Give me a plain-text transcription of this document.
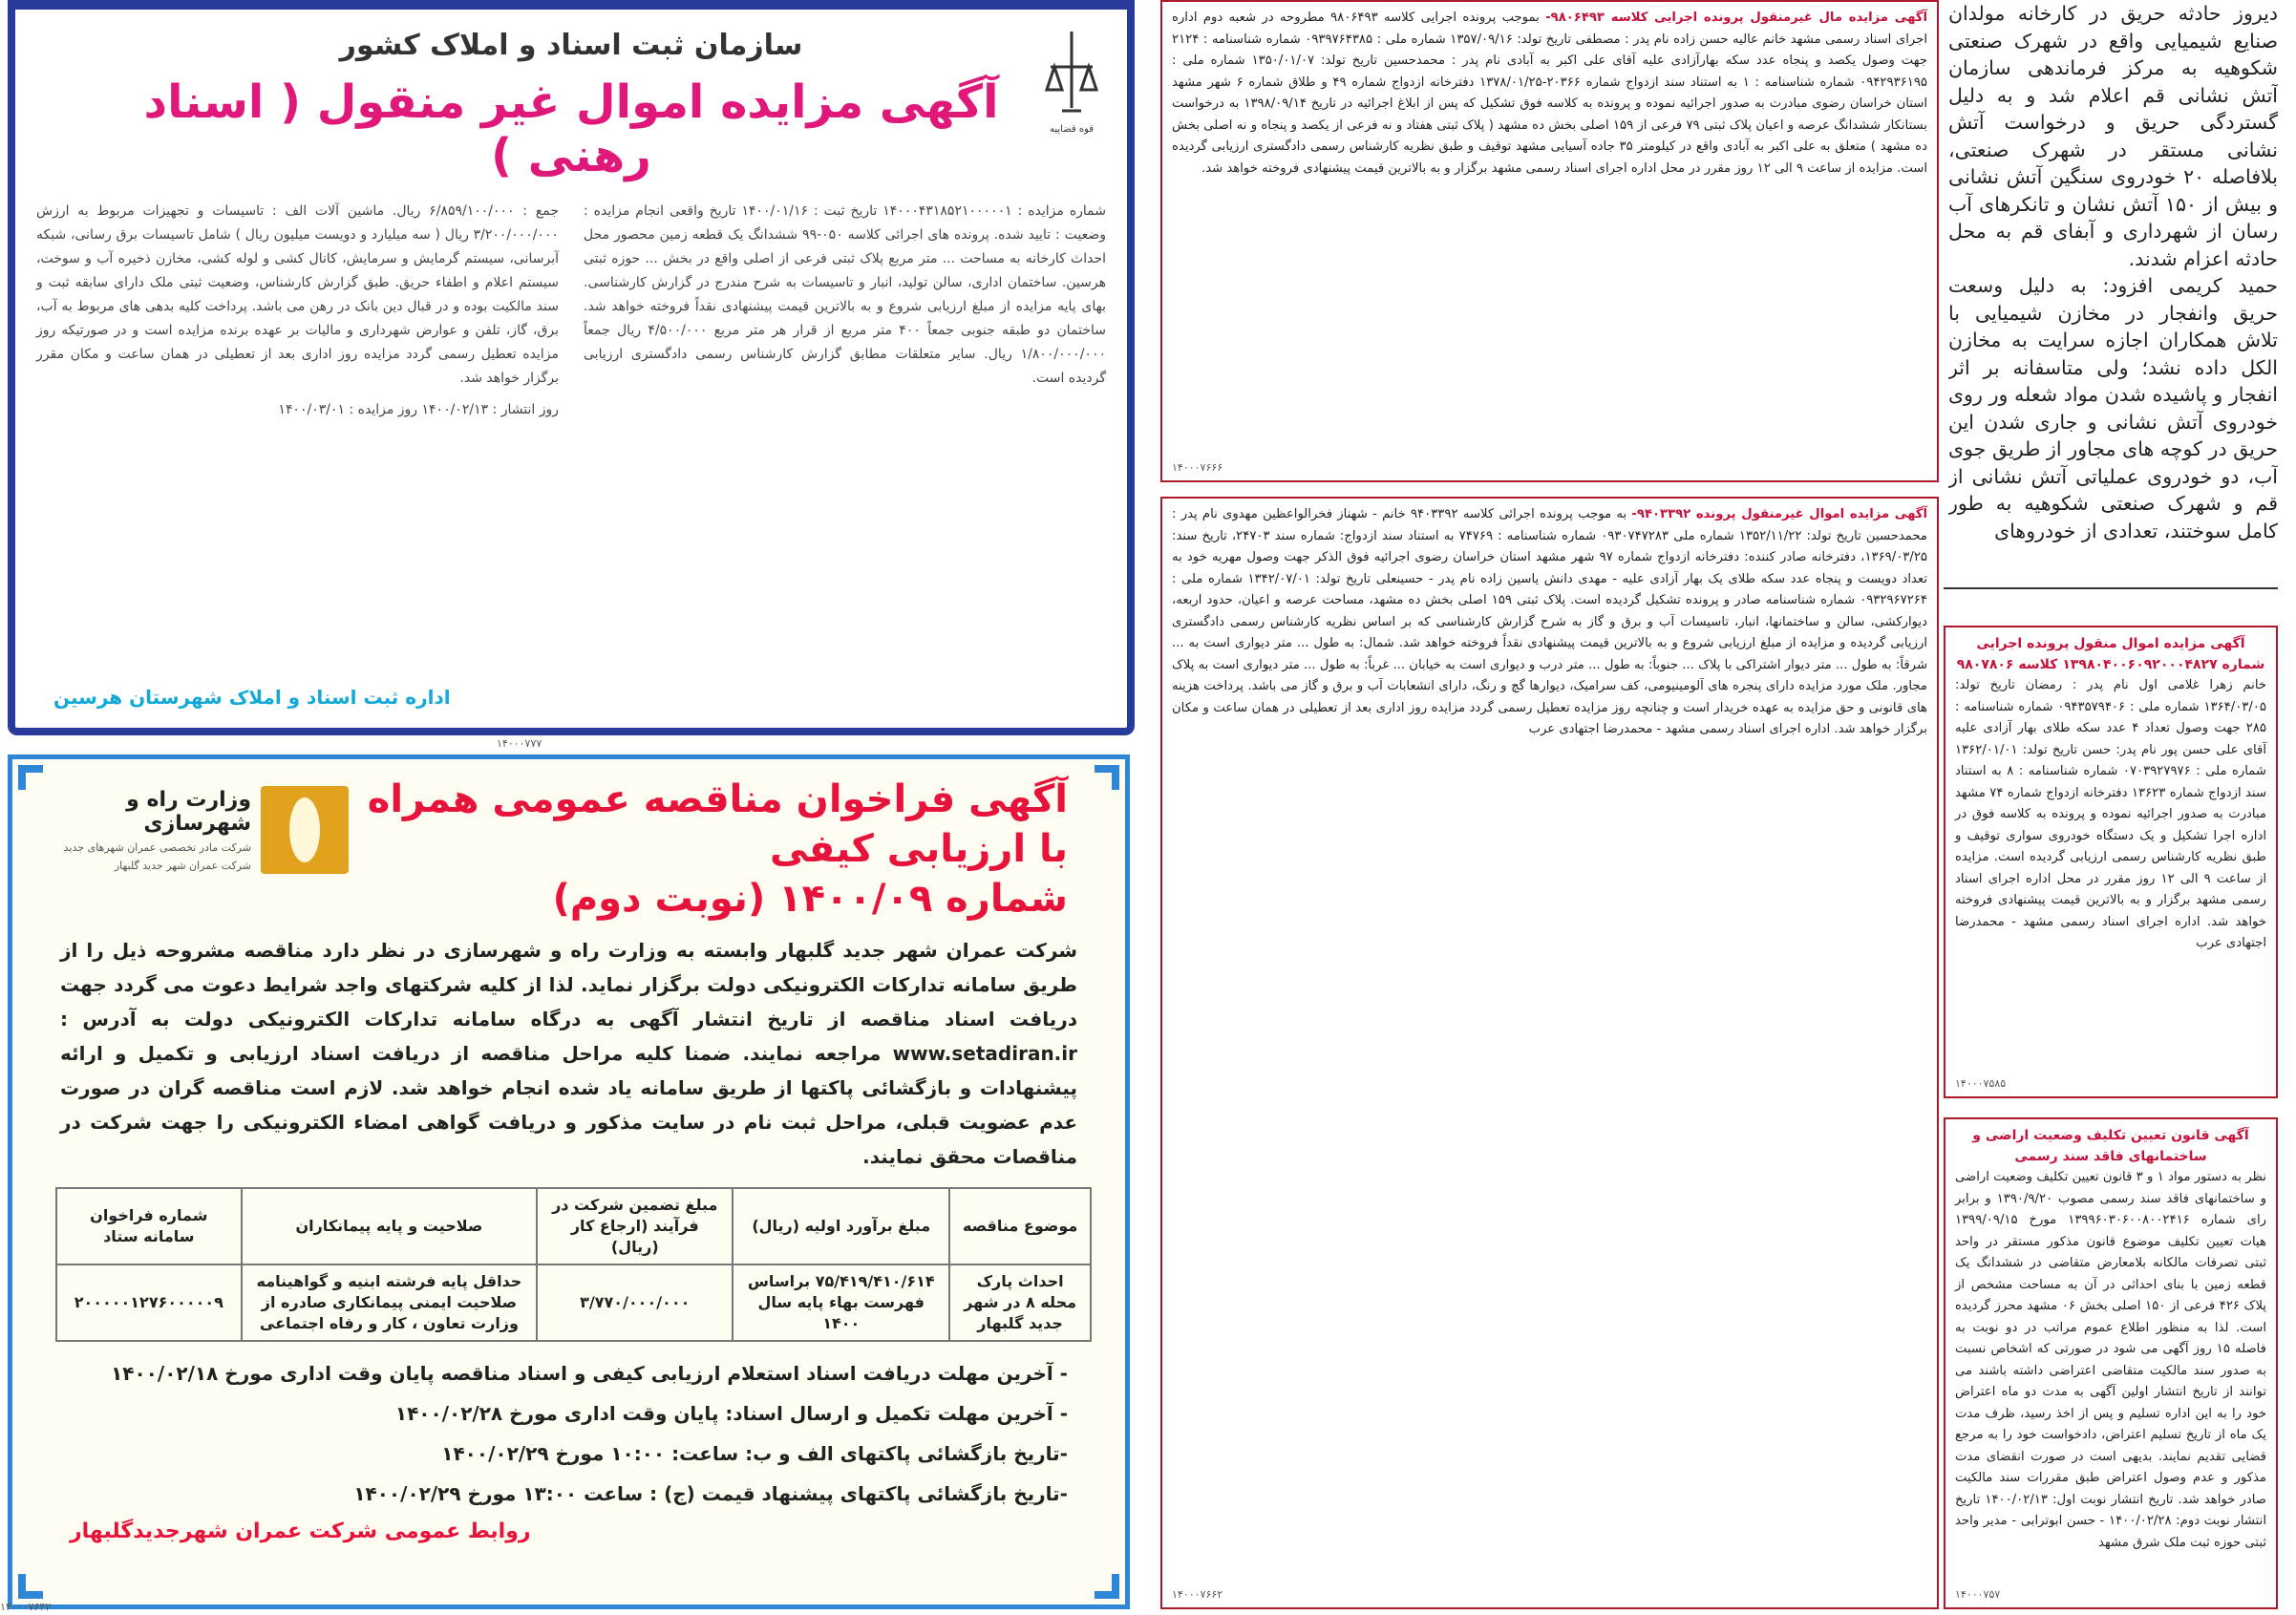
قوه قضاییه
سازمان ثبت اسناد و املاک کشور
آگهی مزایده اموال غیر منقول ( اسناد رهنی )
شماره مزایده : ۱۴۰۰۰۴۳۱۸۵۲۱۰۰۰۰۰۱ تاریخ ثبت : ۱۴۰۰/۰۱/۱۶ تاریخ واقعی انجام مزایده : وضعیت : تایید شده. پرونده های اجرائی کلاسه ۰۵۰-۹۹ ششدانگ یک قطعه زمین محصور محل احداث کارخانه به مساحت ... متر مربع پلاک ثبتی فرعی از اصلی واقع در بخش ... حوزه ثبتی هرسین. ساختمان اداری، سالن تولید، انبار و تاسیسات به شرح مندرج در گزارش کارشناسی. بهای پایه مزایده از مبلغ ارزیابی شروع و به بالاترین قیمت پیشنهادی نقداً فروخته خواهد شد. ساختمان دو طبقه جنوبی جمعاً ۴۰۰ متر مربع از قرار هر متر مربع ۴/۵۰۰/۰۰۰ ریال جمعاً ۱/۸۰۰/۰۰۰/۰۰۰ ریال. سایر متعلقات مطابق گزارش کارشناس رسمی دادگستری ارزیابی گردیده است.
جمع : ۶/۸۵۹/۱۰۰/۰۰۰ ریال. ماشین آلات الف : تاسیسات و تجهیزات مربوط به ارزش ۳/۲۰۰/۰۰۰/۰۰۰ ریال ( سه میلیارد و دویست میلیون ریال ) شامل تاسیسات برق رسانی، شبکه آبرسانی، سیستم گرمایش و سرمایش، کانال کشی و لوله کشی، مخازن ذخیره آب و سوخت، سیستم اعلام و اطفاء حریق. طبق گزارش کارشناس، وضعیت ثبتی ملک دارای سابقه ثبت و سند مالکیت بوده و در قبال دین بانک در رهن می باشد. پرداخت کلیه بدهی های مربوط به آب، برق، گاز، تلفن و عوارض شهرداری و مالیات بر عهده برنده مزایده است و در صورتیکه روز مزایده تعطیل رسمی گردد مزایده روز اداری بعد از تعطیلی در همان ساعت و مکان مقرر برگزار خواهد شد.
روز انتشار : ۱۴۰۰/۰۲/۱۳ روز مزایده : ۱۴۰۰/۰۳/۰۱
اداره ثبت اسناد و املاک شهرستان هرسین
۱۴۰۰۰۷۷۷
آگهی فراخوان مناقصه عمومی همراه با ارزیابی کیفی
شماره ۱۴۰۰/۰۹ (نوبت دوم)
وزارت راه و شهرسازی
شرکت مادر تخصصی عمران شهرهای جدید
شرکت عمران شهر جدید گلبهار
شرکت عمران شهر جدید گلبهار وابسته به وزارت راه و شهرسازی در نظر دارد مناقصه مشروحه ذیل را از طریق سامانه تدارکات الکترونیکی دولت برگزار نماید. لذا از کلیه شرکتهای واجد شرایط دعوت می گردد جهت دریافت اسناد مناقصه از تاریخ انتشار آگهی به درگاه سامانه تدارکات الکترونیکی دولت به آدرس : www.setadiran.ir مراجعه نمایند. ضمنا کلیه مراحل مناقصه از دریافت اسناد ارزیابی و تکمیل و ارائه پیشنهادات و بازگشائی پاکتها از طریق سامانه یاد شده انجام خواهد شد. لازم است مناقصه گران در صورت عدم عضویت قبلی، مراحل ثبت نام در سایت مذکور و دریافت گواهی امضاء الکترونیکی را جهت شرکت در مناقصات محقق نمایند.
موضوع مناقصه	مبلغ برآورد اولیه (ریال)	مبلغ تضمین شرکت در فرآیند (ارجاع کار (ریال)	صلاحیت و پایه پیمانکاران	شماره فراخوان سامانه ستاد
احداث پارک محله ۸ در شهر جدید گلبهار	۷۵/۴۱۹/۴۱۰/۶۱۴ براساس فهرست بهاء پایه سال ۱۴۰۰	۳/۷۷۰/۰۰۰/۰۰۰	حداقل پایه فرشته ابنیه و گواهینامه صلاحیت ایمنی پیمانکاری صادره از وزارت تعاون ، کار و رفاه اجتماعی	۲۰۰۰۰۰۱۲۷۶۰۰۰۰۰۹
- آخرین مهلت دریافت اسناد استعلام ارزیابی کیفی و اسناد مناقصه پایان وقت اداری مورخ ۱۴۰۰/۰۲/۱۸
- آخرین مهلت تکمیل و ارسال اسناد: پایان وقت اداری مورخ ۱۴۰۰/۰۲/۲۸
-تاریخ بازگشائی پاکتهای الف و ب: ساعت: ۱۰:۰۰ مورخ ۱۴۰۰/۰۲/۲۹
-تاریخ بازگشائی پاکتهای پیشنهاد قیمت (ج) : ساعت ۱۳:۰۰ مورخ ۱۴۰۰/۰۲/۲۹
روابط عمومی شرکت عمران شهرجدیدگلبهار
۱۴۰۰۰۷۶۴۲
آگهی مزایده مال غیرمنقول پرونده اجرایی کلاسه ۹۸۰۶۴۹۳- بموجب پرونده اجرایی کلاسه ۹۸۰۶۴۹۳ مطروحه در شعبه دوم اداره اجرای اسناد رسمی مشهد خانم عالیه حسن زاده نام پدر : مصطفی تاریخ تولد: ۱۳۵۷/۰۹/۱۶ شماره ملی : ۰۹۳۹۷۶۴۳۸۵ شماره شناسنامه : ۲۱۲۴ جهت وصول یکصد و پنجاه عدد سکه بهارآزادی علیه آقای علی اکبر به آبادی نام پدر : محمدحسین تاریخ تولد: ۱۳۵۰/۰۱/۰۷ شماره ملی : ۰۹۴۲۹۳۶۱۹۵ شماره شناسنامه : ۱ به استناد سند ازدواج شماره ۲۰۳۶۶-۱۳۷۸/۰۱/۲۵ دفترخانه ازدواج شماره ۴۹ و طلاق شماره ۶ شهر مشهد استان خراسان رضوی مبادرت به صدور اجرائیه نموده و پرونده به کلاسه فوق تشکیل که پس از ابلاغ اجرائیه در تاریخ ۱۳۹۸/۰۹/۱۴ به درخواست بستانکار ششدانگ عرصه و اعیان پلاک ثبتی ۷۹ فرعی از ۱۵۹ اصلی بخش ده مشهد ( پلاک ثبتی هفتاد و نه فرعی از یکصد و پنجاه و نه اصلی بخش ده مشهد ) متعلق به علی اکبر به آبادی واقع در کیلومتر ۳۵ جاده آسیایی مشهد توقیف و طبق نظریه کارشناس رسمی دادگستری ارزیابی گردیده است. مزایده از ساعت ۹ الی ۱۲ روز مقرر در محل اداره اجرای اسناد رسمی مشهد برگزار و به بالاترین قیمت پیشنهادی فروخته خواهد شد.
۱۴۰۰۰۷۶۶۶
آگهی مزایده اموال غیرمنقول پرونده ۹۴۰۳۳۹۲- به موجب پرونده اجرائی کلاسه ۹۴۰۳۳۹۲ خانم - شهناز فخرالواعظین مهدوی نام پدر : محمدحسین تاریخ تولد: ۱۳۵۲/۱۱/۲۲ شماره ملی ۰۹۳۰۷۴۷۲۸۳ شماره شناسنامه : ۷۴۷۶۹ به استناد سند ازدواج: شماره سند ۲۴۷۰۳، تاریخ سند: ۱۳۶۹/۰۳/۲۵، دفترخانه صادر کننده: دفترخانه ازدواج شماره ۹۷ شهر مشهد استان خراسان رضوی اجرائیه فوق الذکر جهت وصول مهریه خود به تعداد دویست و پنجاه عدد سکه طلای یک بهار آزادی علیه - مهدی دانش یاسین زاده نام پدر - حسینعلی تاریخ تولد: ۱۳۴۲/۰۷/۰۱ شماره ملی : ۰۹۳۲۹۶۷۲۶۴ شماره شناسنامه صادر و پرونده تشکیل گردیده است. پلاک ثبتی ۱۵۹ اصلی بخش ده مشهد، مساحت عرصه و اعیان، حدود اربعه، دیوارکشی، سالن و ساختمانها، انبار، تاسیسات آب و برق و گاز به شرح گزارش کارشناسی که بر اساس نظریه کارشناس رسمی دادگستری ارزیابی گردیده و مزایده از مبلغ ارزیابی شروع و به بالاترین قیمت پیشنهادی نقداً فروخته خواهد شد. شمال: به طول ... متر دیواری است به ... شرقاً: به طول ... متر دیوار اشتراکی با پلاک ... جنوباً: به طول ... متر درب و دیواری است به خیابان ... غرباً: به طول ... متر دیواری است به پلاک مجاور. ملک مورد مزایده دارای پنجره های آلومینیومی، کف سرامیک، دیوارها گچ و رنگ، دارای انشعابات آب و برق و گاز می باشد. پرداخت هزینه های قانونی و حق مزایده به عهده خریدار است و چنانچه روز مزایده تعطیل رسمی گردد مزایده روز اداری بعد از تعطیلی در همان ساعت و مکان برگزار خواهد شد. اداره اجرای اسناد رسمی مشهد - محمدرضا اجتهادی عرب
۱۴۰۰۰۷۶۶۲

دیروز حادثه حریق در کارخانه مولدان صنایع شیمیایی واقع در شهرک صنعتی شکوهیه به مرکز فرماندهی سازمان آتش نشانی قم اعلام شد و به دلیل گستردگی حریق و درخواست آتش نشانی مستقر در شهرک صنعتی، بلافاصله ۲۰ خودروی سنگین آتش نشانی و بیش از ۱۵۰ آتش نشان و تانکرهای آب رسان از شهرداری و آبفای قم به محل حادثه اعزام شدند.

حمید کریمی افزود: به دلیل وسعت حریق وانفجار در مخازن شیمیایی با تلاش همکاران اجازه سرایت به مخازن الکل داده نشد؛ ولی متاسفانه بر اثر انفجار و پاشیده شدن مواد شعله ور روی خودروی آتش نشانی و جاری شدن این حریق در کوچه های مجاور از طریق جوی آب، دو خودروی عملیاتی آتش نشانی از قم و شهرک صنعتی شکوهیه به طور کامل سوختند، تعدادی از خودروهای

آگهی مزایده اموال منقول پرونده اجرایی
شماره ۱۳۹۸۰۴۰۰۶۰۹۲۰۰۰۴۸۲۷ کلاسه ۹۸۰۷۸۰۶
خانم زهرا غلامی اول نام پدر : رمضان تاریخ تولد: ۱۳۶۴/۰۳/۰۵ شماره ملی : ۰۹۴۳۵۷۹۴۰۶ شماره شناسنامه : ۲۸۵ جهت وصول تعداد ۴ عدد سکه طلای بهار آزادی علیه آقای علی حسن پور نام پدر: حسن تاریخ تولد: ۱۳۶۲/۰۱/۰۱ شماره ملی : ۰۷۰۳۹۲۷۹۷۶ شماره شناسنامه : ۸ به استناد سند ازدواج شماره ۱۳۶۲۳ دفترخانه ازدواج شماره ۷۴ مشهد مبادرت به صدور اجرائیه نموده و پرونده به کلاسه فوق در اداره اجرا تشکیل و یک دستگاه خودروی سواری توقیف و طبق نظریه کارشناس رسمی ارزیابی گردیده است. مزایده از ساعت ۹ الی ۱۲ روز مقرر در محل اداره اجرای اسناد رسمی مشهد برگزار و به بالاترین قیمت پیشنهادی فروخته خواهد شد. اداره اجرای اسناد رسمی مشهد - محمدرضا اجتهادی عرب
۱۴۰۰۰۷۵۸۵
آگهی قانون تعیین تکلیف وضعیت اراضی و ساختمانهای فاقد سند رسمی
نظر به دستور مواد ۱ و ۳ قانون تعیین تکلیف وضعیت اراضی و ساختمانهای فاقد سند رسمی مصوب ۱۳۹۰/۹/۲۰ و برابر رای شماره ۱۳۹۹۶۰۳۰۶۰۰۸۰۰۲۴۱۶ مورخ ۱۳۹۹/۰۹/۱۵ هیات تعیین تکلیف موضوع قانون مذکور مستقر در واحد ثبتی تصرفات مالکانه بلامعارض متقاضی در ششدانگ یک قطعه زمین با بنای احداثی در آن به مساحت مشخص از پلاک ۴۲۶ فرعی از ۱۵۰ اصلی بخش ۰۶ مشهد محرز گردیده است. لذا به منظور اطلاع عموم مراتب در دو نوبت به فاصله ۱۵ روز آگهی می شود در صورتی که اشخاص نسبت به صدور سند مالکیت متقاضی اعتراضی داشته باشند می توانند از تاریخ انتشار اولین آگهی به مدت دو ماه اعتراض خود را به این اداره تسلیم و پس از اخذ رسید، ظرف مدت یک ماه از تاریخ تسلیم اعتراض، دادخواست خود را به مرجع قضایی تقدیم نمایند. بدیهی است در صورت انقضای مدت مذکور و عدم وصول اعتراض طبق مقررات سند مالکیت صادر خواهد شد. تاریخ انتشار نوبت اول: ۱۴۰۰/۰۲/۱۳ تاریخ انتشار نوبت دوم: ۱۴۰۰/۰۲/۲۸ - حسن ابوترابی - مدیر واحد ثبتی حوزه ثبت ملک شرق مشهد
۱۴۰۰۰۷۵۷
